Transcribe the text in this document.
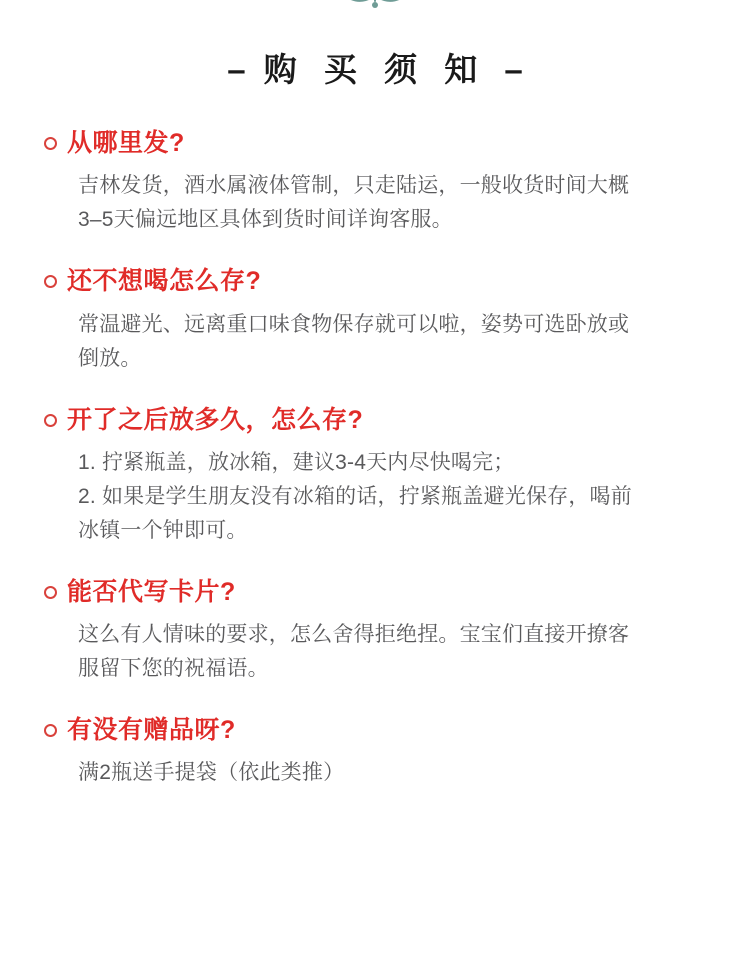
– 购 买 须 知 –
从哪里发?
吉林发货，酒水属液体管制，只走陆运，一般收货时间大概
3–5天偏远地区具体到货时间详询客服。
还不想喝怎么存?
常温避光、远离重口味食物保存就可以啦，姿势可选卧放或
倒放。
开了之后放多久，怎么存?
1. 拧紧瓶盖，放冰箱，建议3-4天内尽快喝完；
2. 如果是学生朋友没有冰箱的话，拧紧瓶盖避光保存，喝前
冰镇一个钟即可。
能否代写卡片?
这么有人情味的要求，怎么舍得拒绝捏。宝宝们直接开撩客
服留下您的祝福语。
有没有赠品呀?
满2瓶送手提袋（依此类推）
